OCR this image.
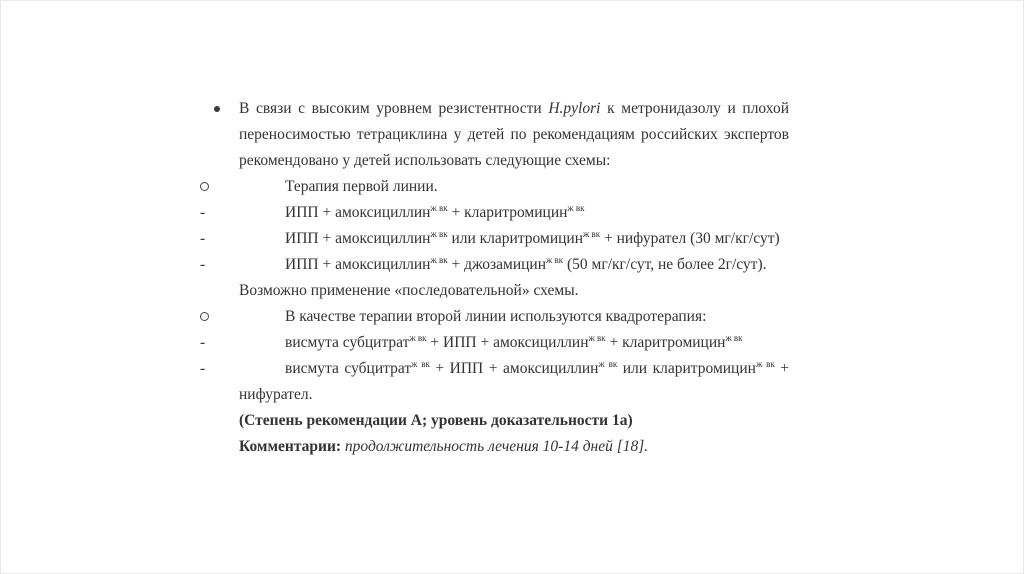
В связи с высоким уровнем резистентности H.pylori к метронидазолу и плохой
переносимостью тетрациклина у детей по рекомендациям российских экспертов
рекомендовано у детей использовать следующие схемы:
Терапия первой линии.
-	ИПП + амоксициллин$^{ж вк}$ + кларитромицин$^{ж вк}$
-	ИПП + амоксициллин$^{ж вк}$ или кларитромицин$^{ж вк}$ + нифурател (30 мг/кг/сут)
-	ИПП + амоксициллин$^{ж вк}$ + джозамицин$^{ж вк}$ (50 мг/кг/сут, не более 2г/сут).
Возможно применение «последовательной» схемы.
В качестве терапии второй линии используются квадротерапия:
-	висмута субцитрат$^{ж вк}$ + ИПП + амоксициллин$^{ж вк}$ + кларитромицин$^{ж вк}$
-	висмута субцитрат$^{ж вк}$ + ИПП + амоксициллин$^{ж вк}$ или кларитромицин$^{ж вк}$ +
нифурател.
(Степень рекомендации А; уровень доказательности 1а)
Комментарии: продолжительность лечения 10-14 дней [18].
